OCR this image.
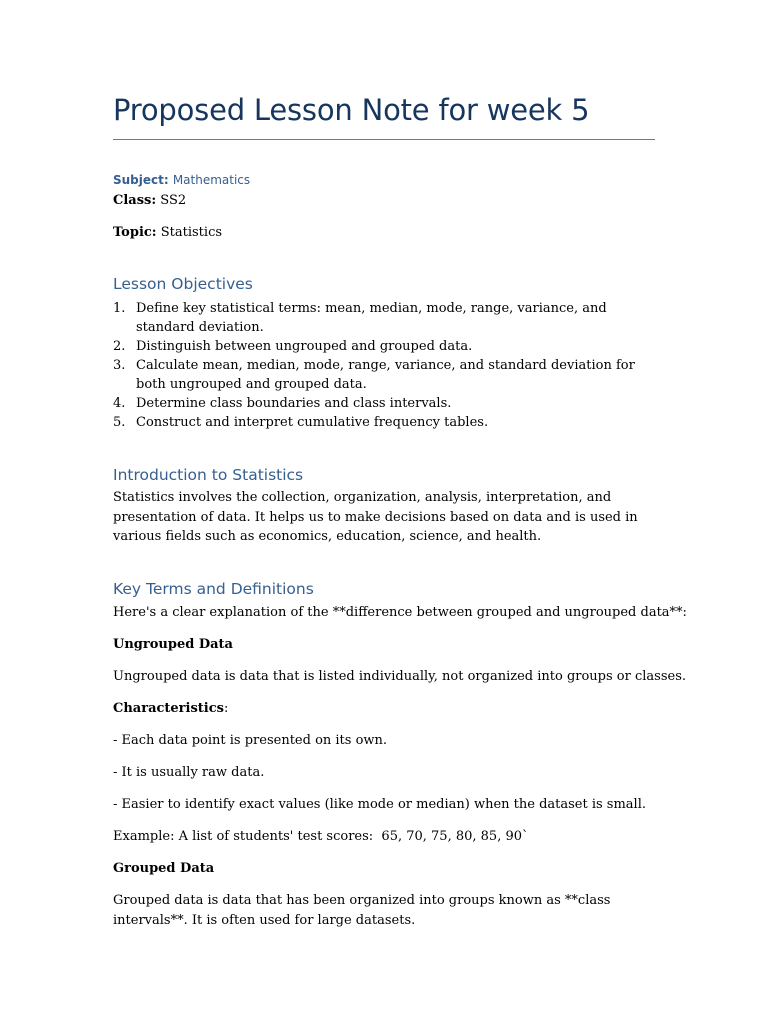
Proposed Lesson Note for week 5
Subject: Mathematics
Class: SS2
Topic: Statistics
Lesson Objectives
1. Define key statistical terms: mean, median, mode, range, variance, and standard deviation.
2. Distinguish between ungrouped and grouped data.
3. Calculate mean, median, mode, range, variance, and standard deviation for both ungrouped and grouped data.
4. Determine class boundaries and class intervals.
5. Construct and interpret cumulative frequency tables.
Introduction to Statistics

Statistics involves the collection, organization, analysis, interpretation, and presentation of data. It helps us to make decisions based on data and is used in various fields such as economics, education, science, and health.

Key Terms and Definitions
Here's a clear explanation of the **difference between grouped and ungrouped data**:
Ungrouped Data
Ungrouped data is data that is listed individually, not organized into groups or classes.
Characteristics:
- Each data point is presented on its own.
- It is usually raw data.
- Easier to identify exact values (like mode or median) when the dataset is small.
Example: A list of students' test scores:  65, 70, 75, 80, 85, 90`
Grouped Data

Grouped data is data that has been organized into groups known as **class intervals**. It is often used for large datasets.
